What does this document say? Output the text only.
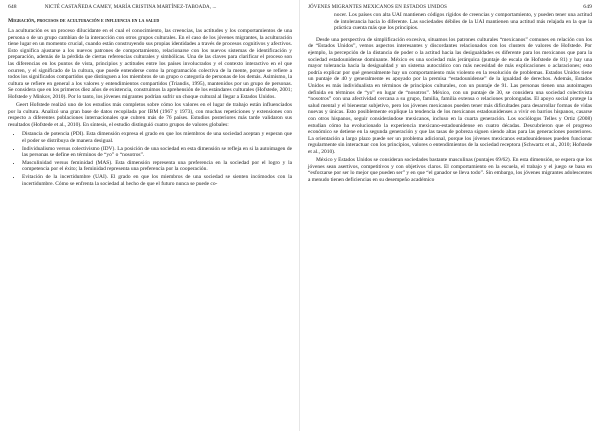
648	NICTÉ CASTAÑEDA CAMEY, MARÍA CRISTINA MARTÍNEZ-TABOADA, ...
Migración, procesos de aculturación e influencia en la salud

La aculturación es un proceso dilucidante en el cual el conocimiento, las creencias, las actitudes y los comportamientos de una persona o de un grupo cambian de la interacción con otros grupos culturales. En el caso de los jóvenes migrantes, la aculturación tiene lugar en un momento crucial, cuando están construyendo sus propias identidades a través de procesos cognitivos y afectivos. Esto significa ajustarse a los nuevos patrones de comportamiento, relacionarse con los nuevos sistemas de identificación y preparación, además de la pérdida de ciertas referencias culturales y simbólicas. Una de las claves para clarificar el proceso son las diferencias en los puntos de vista, principios y actitudes entre los países involucrados y el contexto interactivo en el que ocurren, y el significado de la cultura, que puede entenderse como la programación colectiva de la mente, porque se refiere a todos los significados compartidos que distinguen a los miembros de un grupo o categoría de personas de los demás. Asimismo, la cultura se refiere en general a los valores y entendimientos compartidos (Triandis, 1995), mantenidos por un grupo de personas. Se considera que en los primeros diez años de existencia, construimos la aprehensión de los estándares culturales (Hofstede, 2001; Hofstede y Minkov, 2010). Por lo tanto, los jóvenes migrantes podrían sufrir un choque cultural al llegar a Estados Unidos.

Geert Hofstede realizó uno de los estudios más completos sobre cómo los valores en el lugar de trabajo están influenciados por la cultura. Analizó una gran base de datos recopilada por IBM (1967 y 1973), con muchas repeticiones y extensiones con respecto a diferentes poblaciones internacionales que cubren más de 76 países. Estudios posteriores más tarde validaron sus resultados (Hofstede et al., 2010). En síntesis, el estudio distinguió cuatro grupos de valores globales:

• Distancia de potencia (PDI). Esta dimensión expresa el grado en que los miembros de una sociedad aceptan y esperan que el poder se distribuya de manera desigual.
• Individualismo versus colectivismo (IDV). La posición de una sociedad en esta dimensión se refleja en si la autoimagen de las personas se define en términos de “yo” o “nosotros”.
• Masculinidad versus feminidad (MAS). Esta dimensión representa una preferencia en la sociedad por el logro y la competencia por el éxito; la feminidad representa una preferencia por la cooperación.
• Evitación de la incertidumbre (UAI). El grado en que los miembros de una sociedad se sienten incómodos con la incertidumbre. Cómo se enfrenta la sociedad al hecho de que el futuro nunca se puede co-
JÓVENES MIGRANTES MEXICANOS EN ESTADOS UNIDOS	649
nocer. Los países con alta UAI mantienen códigos rígidos de creencias y comportamiento, y pueden tener una actitud de intolerancia hacia lo diferente. Las sociedades débiles de la UAI mantienen una actitud más relajada en la que la práctica cuenta más que los principios.

Desde una perspectiva de simplificación excesiva, situamos los patrones culturales “mexicanos” comunes en relación con los de “Estados Unidos”, vemos aspectos interesantes y discordantes relacionados con los clusters de valores de Hofstede. Por ejemplo, la percepción de la distancia de poder o la actitud hacia las desigualdades es diferente para los mexicanos que para la sociedad estadounidense dominante. México es una sociedad más jerárquica (puntaje de escala de Hofstede de 81) y hay una mayor tolerancia hacia la desigualdad y un sistema autocrático con más necesidad de más explicaciones o aclaraciones; esto podría explicar por qué generalmente hay un comportamiento más violento en la resolución de problemas. Estados Unidos tiene un puntaje de 40 y generalmente es apoyado por la premisa “estadounidense” de la igualdad de derechos. Además, Estados Unidos es más individualista en términos de principios culturales, con un puntaje de 91. Las personas tienen una autoimagen definida en términos de “yo” en lugar de “nosotros”. México, con un puntaje de 30, se considera una sociedad colectivista “nosotros” con una afectividad cercana a su grupo, familia, familia extensa o relaciones prolongadas. El apoyo social protege la salud mental y el bienestar subjetivo, pero los jóvenes mexicanos pueden tener más dificultades para desarrollar formas de vidas nuevas y únicas. Esto posiblemente explique la tendencia de los mexicanos estadounidenses a vivir en barrios hispanos, casarse con otros hispanos, seguir considerándose mexicanos, incluso en la cuarta generación. Los sociólogos Telles y Ortiz (2008) estudian cómo ha evolucionado la experiencia mexicano-estadounidense en cuatro décadas. Descubrieron que el progreso económico se detiene en la segunda generación y que las tasas de pobreza siguen siendo altas para las generaciones posteriores. La orientación a largo plazo puede ser un problema adicional, porque los jóvenes mexicanos estadounidenses pueden funcionar regularmente sin interactuar con los principios, valores o entendimientos de la sociedad receptora (Schwartz et al., 2010; Hofstede et al., 2010).

México y Estados Unidos se consideran sociedades bastante masculinas (puntajes 69/62). En esta dimensión, se espera que los jóvenes sean asertivos, competitivos y con objetivos claros. El comportamiento en la escuela, el trabajo y el juego se basa en “esforzarse por ser lo mejor que pueden ser” y en que “el ganador se lleva todo”. Sin embargo, los jóvenes migrantes adolescentes a menudo tienen deficiencias en su desempeño académico
